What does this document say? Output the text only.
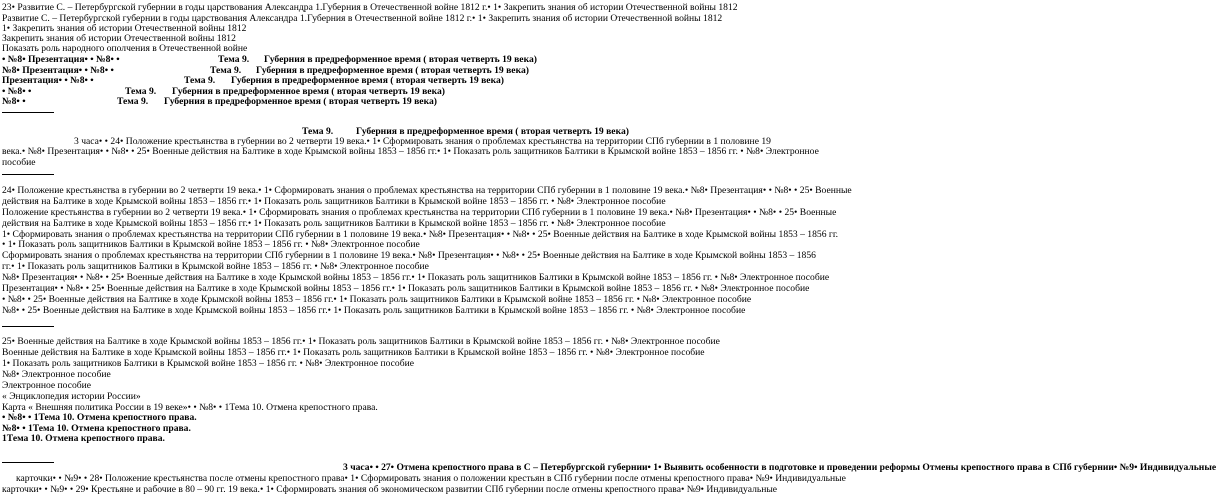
23• Развитие С. – Петербургской губернии в годы царствования Александра 1.Губерния в Отечественной войне 1812 г.• 1• Закрепить знания об истории Отечественной войны 1812
Развитие С. – Петербургской губернии в годы царствования Александра 1.Губерния в Отечественной войне 1812 г.• 1• Закрепить знания об истории Отечественной войны 1812
1• Закрепить знания об истории Отечественной войны 1812
Закрепить знания об истории Отечественной войны 1812
Показать роль народного ополчения в Отечественной войне
• №8• Презентация• • №8• •	Тема 9. Губерния в предреформенное время ( вторая четверть 19 века)
№8• Презентация• • №8• •	Тема 9. Губерния в предреформенное время ( вторая четверть 19 века)
Презентация• • №8• •	Тема 9. Губерния в предреформенное время ( вторая четверть 19 века)
• №8• •	Тема 9. Губерния в предреформенное время ( вторая четверть 19 века)
№8• •	Тема 9. Губерния в предреформенное время ( вторая четверть 19 века)
Тема 9. Губерния в предреформенное время ( вторая четверть 19 века)
3 часа• • 24• Положение крестьянства в губернии во 2 четверти 19 века.• 1• Сформировать знания о проблемах крестьянства на территории СПб губернии в 1 половине 19
века.• №8• Презентация• • №8• • 25• Военные действия на Балтике в ходе Крымской войны 1853 – 1856 гг.• 1• Показать роль защитников Балтики в Крымской войне 1853 – 1856 гг. • №8• Электронное
пособие
24• Положение крестьянства в губернии во 2 четверти 19 века.• 1• Сформировать знания о проблемах крестьянства на территории СПб губернии в 1 половине 19 века.• №8• Презентация• • №8• • 25• Военные
действия на Балтике в ходе Крымской войны 1853 – 1856 гг.• 1• Показать роль защитников Балтики в Крымской войне 1853 – 1856 гг. • №8• Электронное пособие
Положение крестьянства в губернии во 2 четверти 19 века.• 1• Сформировать знания о проблемах крестьянства на территории СПб губернии в 1 половине 19 века.• №8• Презентация• • №8• • 25• Военные
действия на Балтике в ходе Крымской войны 1853 – 1856 гг.• 1• Показать роль защитников Балтики в Крымской войне 1853 – 1856 гг. • №8• Электронное пособие
1• Сформировать знания о проблемах крестьянства на территории СПб губернии в 1 половине 19 века.• №8• Презентация• • №8• • 25• Военные действия на Балтике в ходе Крымской войны 1853 – 1856 гг.
• 1• Показать роль защитников Балтики в Крымской войне 1853 – 1856 гг. • №8• Электронное пособие
Сформировать знания о проблемах крестьянства на территории СПб губернии в 1 половине 19 века.• №8• Презентация• • №8• • 25• Военные действия на Балтике в ходе Крымской войны 1853 – 1856
гг.• 1• Показать роль защитников Балтики в Крымской войне 1853 – 1856 гг. • №8• Электронное пособие
№8• Презентация• • №8• • 25• Военные действия на Балтике в ходе Крымской войны 1853 – 1856 гг.• 1• Показать роль защитников Балтики в Крымской войне 1853 – 1856 гг. • №8• Электронное пособие
Презентация• • №8• • 25• Военные действия на Балтике в ходе Крымской войны 1853 – 1856 гг.• 1• Показать роль защитников Балтики в Крымской войне 1853 – 1856 гг. • №8• Электронное пособие
• №8• • 25• Военные действия на Балтике в ходе Крымской войны 1853 – 1856 гг.• 1• Показать роль защитников Балтики в Крымской войне 1853 – 1856 гг. • №8• Электронное пособие
№8• • 25• Военные действия на Балтике в ходе Крымской войны 1853 – 1856 гг.• 1• Показать роль защитников Балтики в Крымской войне 1853 – 1856 гг. • №8• Электронное пособие
25• Военные действия на Балтике в ходе Крымской войны 1853 – 1856 гг.• 1• Показать роль защитников Балтики в Крымской войне 1853 – 1856 гг. • №8• Электронное пособие
Военные действия на Балтике в ходе Крымской войны 1853 – 1856 гг.• 1• Показать роль защитников Балтики в Крымской войне 1853 – 1856 гг. • №8• Электронное пособие
1• Показать роль защитников Балтики в Крымской войне 1853 – 1856 гг. • №8• Электронное пособие
№8• Электронное пособие
Электронное пособие
« Энциклопедия истории России»
Карта « Внешняя политика России в 19 веке»• • №8• • 1Тема 10. Отмена крепостного права.
• №8• • 1Тема 10. Отмена крепостного права.
№8• • 1Тема 10. Отмена крепостного права.
1Тема 10. Отмена крепостного права.
3 часа• • 27• Отмена крепостного права в С – Петербургской губернии• 1• Выявить особенности в подготовке и проведении реформы Отмены крепостного права в СПб губернии• №9• Индивидуальные
карточки• • №9• • 28• Положение крестьянства после отмены крепостного права• 1• Сформировать знания о положении крестьян в СПб губернии после отмены крепостного права• №9• Индивидуальные
карточки• • №9• • 29• Крестьяне и рабочие в 80 – 90 гг. 19 века.• 1• Сформировать знания об экономическом развитии СПб губернии после отмены крепостного права• №9• Индивидуальные
